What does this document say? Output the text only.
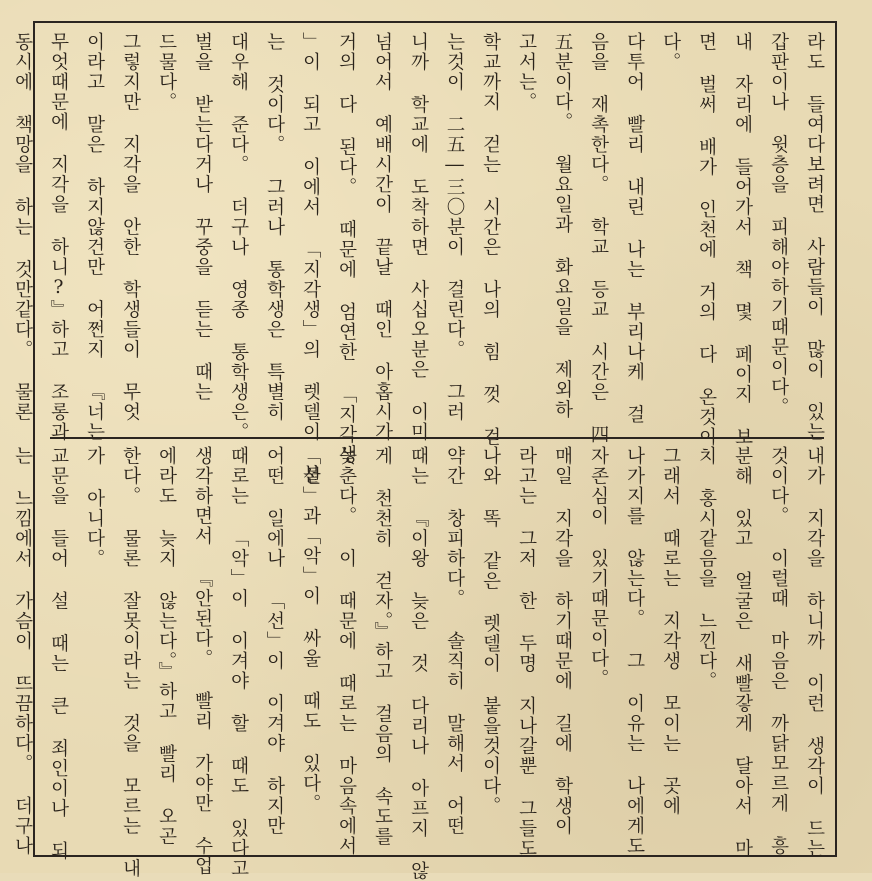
라도 들여다보려면 사람들이 많이 있는
갑판이나 윗층을 피해야하기때문이다。
내 자리에 들어가서 책 몇 페이지 보
면 벌써 배가 인천에 거의 다 온것이
다。
다투어 빨리 내린 나는 부리나케 걸
음을 재촉한다。 학교 등교 시간은 四
五분이다。 월요일과 화요일을 제외하
고서는。
학교까지 걷는 시간은 나의 힘 껏 걷
는것이 二五―三〇분이 걸린다。 그러
니까 학교에 도착하면 사십오분은 이미
넘어서 예배시간이 끝날 때인 아홉시가
거의 다 된다。 때문에 엄연한 「지각생
」이 되고 이에서 「지각생」의 렛델이 붙
는 것이다。 그러나 통학생은 특별히
대우해 준다。 더구나 영종 통학생은。
벌을 받는다거나 꾸중을 듣는 때는
드물다。
그렇지만 지각을 안한 학생들이 무엇
이라고 말은 하지않건만 어쩐지 『너는
무엇때문에 지각을 하니?』하고 조롱과
동시에 책망을 하는 것만같다。 물론
내가 지각을 하니까 이런 생각이 드는
것이다。 이럴때 마음은 까닭모르게 흥
분해 있고 얼굴은 새빨갛게 달아서 마
치 홍시같음을 느낀다。
그래서 때로는 지각생 모이는 곳에
나가지를 않는다。 그 이유는 나에게도
자존심이 있기때문이다。
매일 지각을 하기때문에 길에 학생이
라고는 그저 한 두명 지나갈뿐 그들도
나와 똑 같은 렛델이 붙을것이다。
약간 창피하다。 솔직히 말해서 어떤
때는 『이왕 늦은 것 다리나 아프지 않
게 천천히 걷자。』하고 걸음의 속도를
늦춘다。 이 때문에 때로는 마음속에서
「선」과「악」이 싸울 때도 있다。
어떤 일에나 「선」이 이겨야 하지만
때로는 「악」이 이겨야 할 때도 있다고
생각하면서 『안된다。 빨리 가야만 수업
에라도 늦지 않는다。』하고 빨리 오곤
한다。 물론 잘못이라는 것을 모르는 내
가 아니다。
교문을 들어 설 때는 큰 죄인이나 되
는 느낌에서 가슴이 뜨끔하다。 더구나
